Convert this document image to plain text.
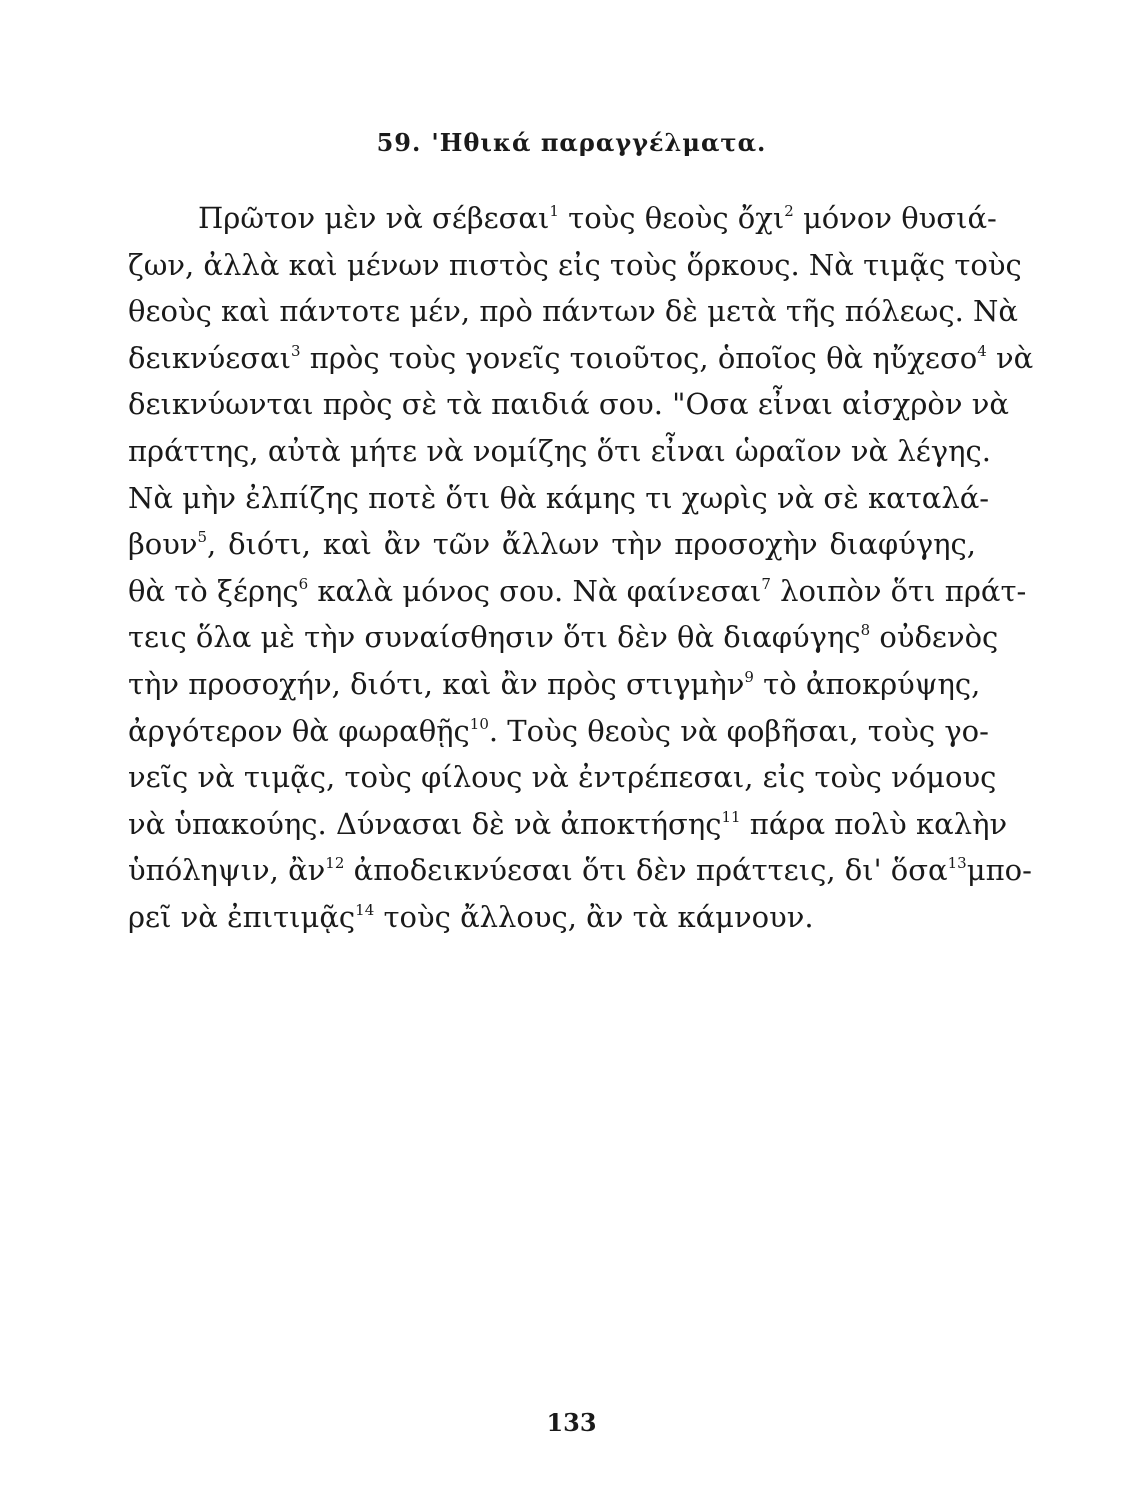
59. 'Ηθικά παραγγέλματα.
Πρῶτον μὲν νὰ σέβεσαι$^1$ τοὺς θεοὺς ὄχι$^2$ μόνον θυσιά-
ζων, ἀλλὰ καὶ μένων πιστὸς εἰς τοὺς ὅρκους. Νὰ τιμᾷς τοὺς
θεοὺς καὶ πάντοτε μέν, πρὸ πάντων δὲ μετὰ τῆς πόλεως. Νὰ
δεικνύεσαι$^3$ πρὸς τοὺς γονεῖς τοιοῦτος, ὁποῖος θὰ ηὔχεσο$^4$ νὰ
δεικνύωνται πρὸς σὲ τὰ παιδιά σου. "Οσα εἶναι αἰσχρὸν νὰ
πράττης, αὐτὰ μήτε νὰ νομίζης ὅτι εἶναι ὡραῖον νὰ λέγης.
Νὰ μὴν ἐλπίζης ποτὲ ὅτι θὰ κάμης τι χωρὶς νὰ σὲ καταλά-
βουν$^5$, διότι, καὶ ἂν τῶν ἄλλων τὴν προσοχὴν διαφύγης,
θὰ τὸ ξέρης$^6$ καλὰ μόνος σου. Νὰ φαίνεσαι$^7$ λοιπὸν ὅτι πράτ-
τεις ὅλα μὲ τὴν συναίσθησιν ὅτι δὲν θὰ διαφύγης$^8$ οὐδενὸς
τὴν προσοχήν, διότι, καὶ ἂν πρὸς στιγμὴν$^9$ τὸ ἀποκρύψης,
ἀργότερον θὰ φωραθῇς$^{10}$. Τοὺς θεοὺς νὰ φοβῆσαι, τοὺς γο-
νεῖς νὰ τιμᾷς, τοὺς φίλους νὰ ἐντρέπεσαι, εἰς τοὺς νόμους
νὰ ὑπακούης. Δύνασαι δὲ νὰ ἀποκτήσης$^{11}$ πάρα πολὺ καλὴν
ὑπόληψιν, ἂν$^{12}$ ἀποδεικνύεσαι ὅτι δὲν πράττεις, δι' ὅσα$^{13}$μπο-
ρεῖ νὰ ἐπιτιμᾷς$^{14}$ τοὺς ἄλλους, ἂν τὰ κάμνουν.
133
